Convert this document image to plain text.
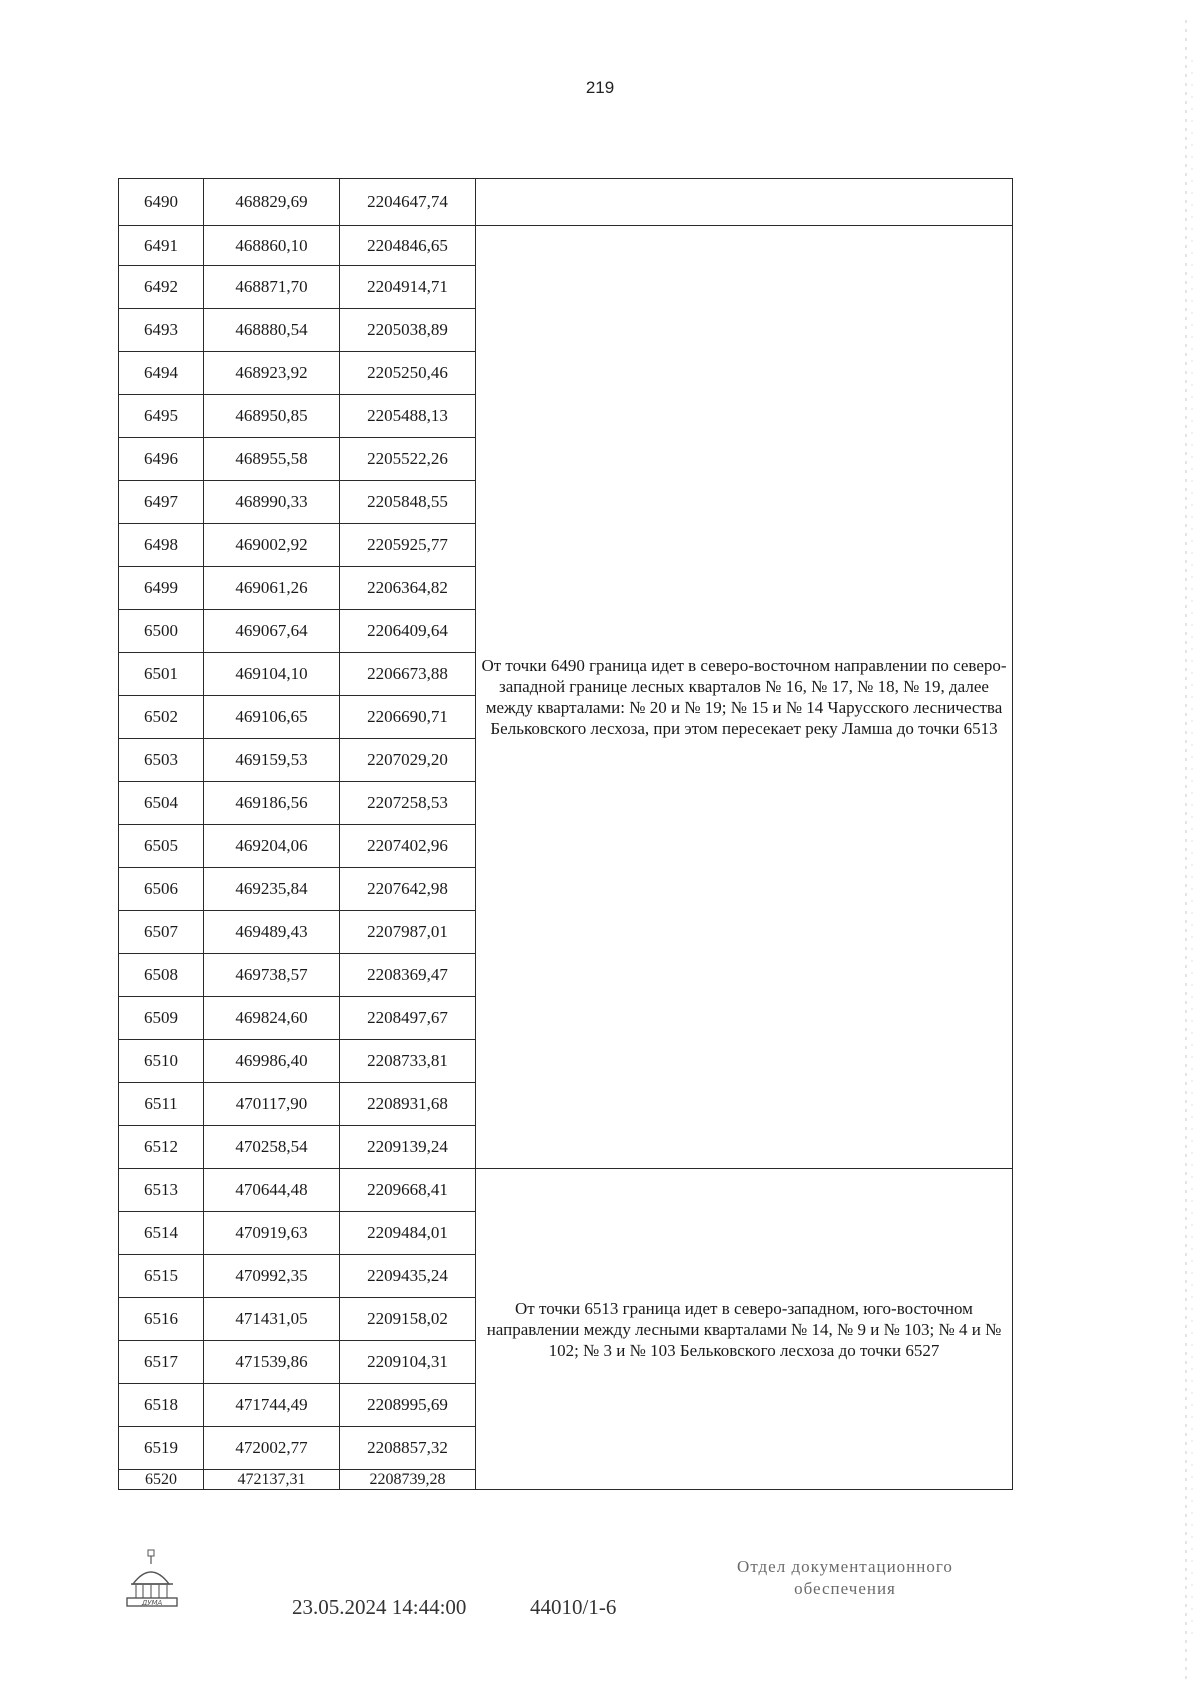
219
6490	468829,69	2204647,74	
6491	468860,10	2204846,65	От точки 6490 граница идет в северо-восточном направлении по северо-западной границе лесных кварталов № 16, № 17, № 18, № 19, далее между кварталами: № 20 и № 19; № 15 и № 14 Чарусского лесничества Бельковского лесхоза, при этом пересекает реку Ламша до точки 6513
6492	468871,70	2204914,71	
6493	468880,54	2205038,89	
6494	468923,92	2205250,46	
6495	468950,85	2205488,13	
6496	468955,58	2205522,26	
6497	468990,33	2205848,55	
6498	469002,92	2205925,77	
6499	469061,26	2206364,82	
6500	469067,64	2206409,64	
6501	469104,10	2206673,88	
6502	469106,65	2206690,71	
6503	469159,53	2207029,20	
6504	469186,56	2207258,53	
6505	469204,06	2207402,96	
6506	469235,84	2207642,98	
6507	469489,43	2207987,01	
6508	469738,57	2208369,47	
6509	469824,60	2208497,67	
6510	469986,40	2208733,81	
6511	470117,90	2208931,68	
6512	470258,54	2209139,24	
6513	470644,48	2209668,41	От точки 6513 граница идет в северо-западном, юго-восточном направлении между лесными кварталами № 14, № 9 и № 103; № 4 и № 102; № 3 и № 103 Бельковского лесхоза до точки 6527
6514	470919,63	2209484,01	
6515	470992,35	2209435,24	
6516	471431,05	2209158,02	
6517	471539,86	2209104,31	
6518	471744,49	2208995,69	
6519	472002,77	2208857,32	
6520	472137,31	2208739,28	
ДУМА	23.05.2024 14:44:00	44010/1-6
Отдел документационного
обеспечения
